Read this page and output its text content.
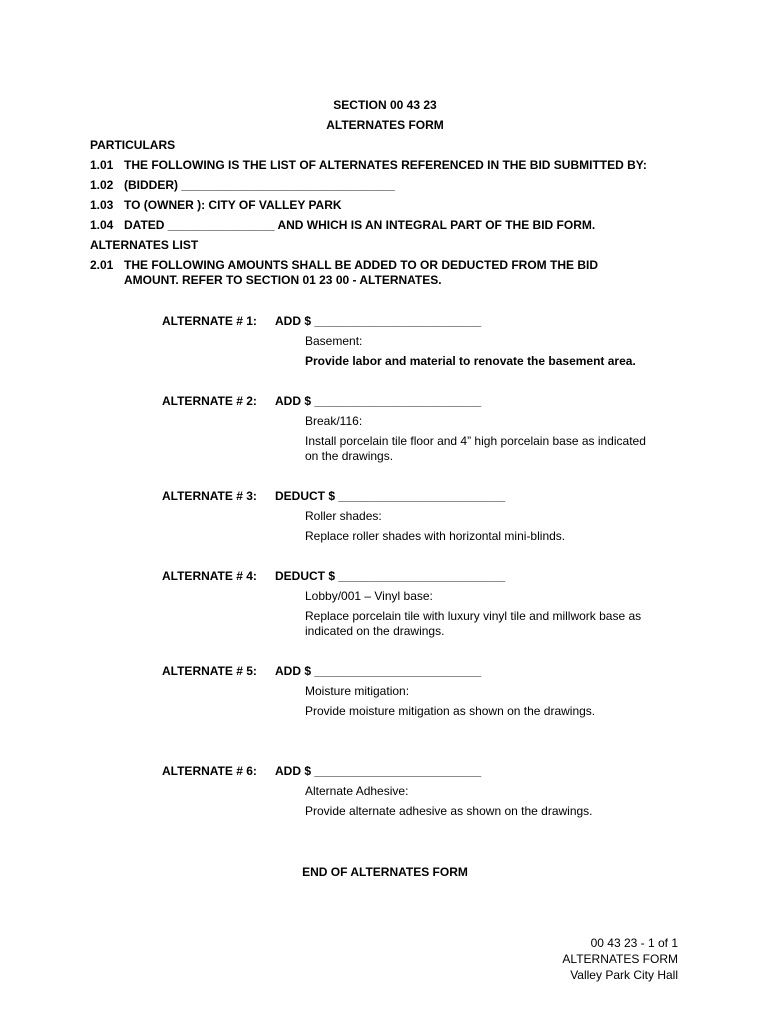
SECTION 00 43 23
ALTERNATES FORM
PARTICULARS
1.01 THE FOLLOWING IS THE LIST OF ALTERNATES REFERENCED IN THE BID SUBMITTED BY:
1.02 (BIDDER) ________________________________
1.03 TO (OWNER ): CITY OF VALLEY PARK
1.04 DATED ________________ AND WHICH IS AN INTEGRAL PART OF THE BID FORM.
ALTERNATES LIST
2.01 THE FOLLOWING AMOUNTS SHALL BE ADDED TO OR DEDUCTED FROM THE BID
AMOUNT. REFER TO SECTION 01 23 00 - ALTERNATES.
ALTERNATE # 1: ADD $ _________________________
Basement:
Provide labor and material to renovate the basement area.
ALTERNATE # 2: ADD $ _________________________
Break/116:
Install porcelain tile floor and 4” high porcelain base as indicated
on the drawings.
ALTERNATE # 3: DEDUCT $ _________________________
Roller shades:
Replace roller shades with horizontal mini-blinds.
ALTERNATE # 4: DEDUCT $ _________________________
Lobby/001 – Vinyl base:
Replace porcelain tile with luxury vinyl tile and millwork base as
indicated on the drawings.
ALTERNATE # 5: ADD $ _________________________
Moisture mitigation:
Provide moisture mitigation as shown on the drawings.
ALTERNATE # 6: ADD $ _________________________
Alternate Adhesive:
Provide alternate adhesive as shown on the drawings.
END OF ALTERNATES FORM
00 43 23 - 1 of 1
ALTERNATES FORM
Valley Park City Hall
